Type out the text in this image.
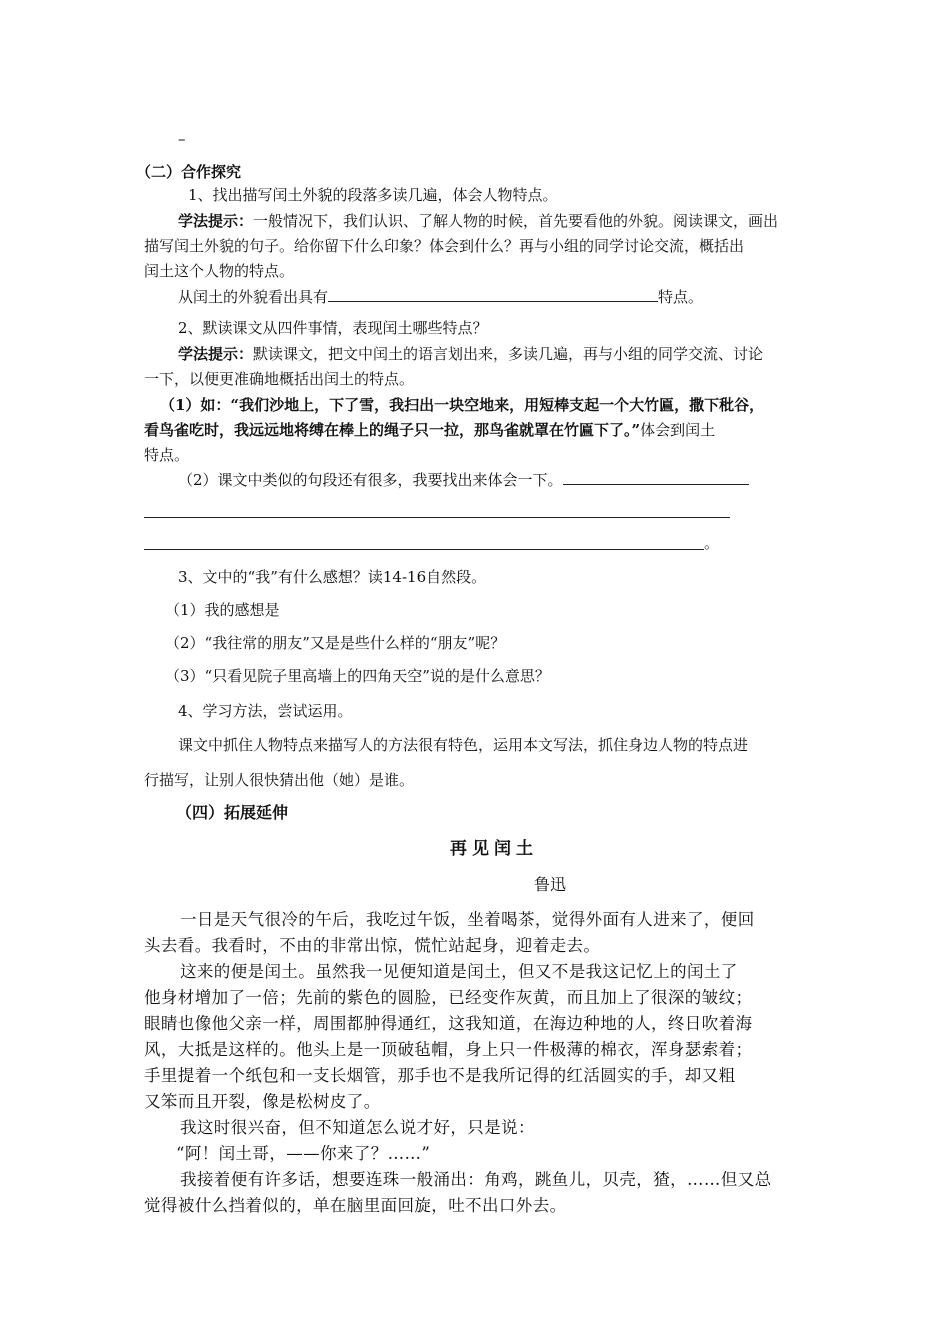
–
（二）合作探究
1、找出描写闰土外貌的段落多读几遍，体会人物特点。
学法提示：一般情况下，我们认识、了解人物的时候，首先要看他的外貌。阅读课文，画出
描写闰土外貌的句子。给你留下什么印象？体会到什么？再与小组的同学讨论交流，概括出
闰土这个人物的特点。
从闰土的外貌看出具有	特点。
2、默读课文从四件事情，表现闰土哪些特点？
学法提示：默读课文，把文中闰土的语言划出来，多读几遍，再与小组的同学交流、讨论
一下，以便更准确地概括出闰土的特点。
（1）如：“我们沙地上，下了雪，我扫出一块空地来，用短棒支起一个大竹匾，撒下秕谷，
看鸟雀吃时，我远远地将缚在棒上的绳子只一拉，那鸟雀就罩在竹匾下了。”体会到闰土
特点。
（2）课文中类似的句段还有很多，我要找出来体会一下。
。
3、文中的“我”有什么感想？读14-16自然段。
（1）我的感想是
（2）“我往常的朋友”又是是些什么样的“朋友”呢？
（3）“只看见院子里高墙上的四角天空”说的是什么意思？
4、学习方法，尝试运用。
课文中抓住人物特点来描写人的方法很有特色，运用本文写法，抓住身边人物的特点进
行描写，让别人很快猜出他（她）是谁。
（四）拓展延伸
再见闰土
鲁迅
一日是天气很冷的午后，我吃过午饭，坐着喝茶，觉得外面有人进来了，便回
头去看。我看时，不由的非常出惊，慌忙站起身，迎着走去。
这来的便是闰土。虽然我一见便知道是闰土，但又不是我这记忆上的闰土了
他身材增加了一倍；先前的紫色的圆脸，已经变作灰黄，而且加上了很深的皱纹；
眼睛也像他父亲一样，周围都肿得通红，这我知道，在海边种地的人，终日吹着海
风，大抵是这样的。他头上是一顶破毡帽，身上只一件极薄的棉衣，浑身瑟索着；
手里提着一个纸包和一支长烟管，那手也不是我所记得的红活圆实的手，却又粗
又笨而且开裂，像是松树皮了。
我这时很兴奋，但不知道怎么说才好，只是说：
“阿！闰土哥，——你来了？……”
我接着便有许多话，想要连珠一般涌出：角鸡，跳鱼儿，贝壳，猹，……但又总
觉得被什么挡着似的，单在脑里面回旋，吐不出口外去。
